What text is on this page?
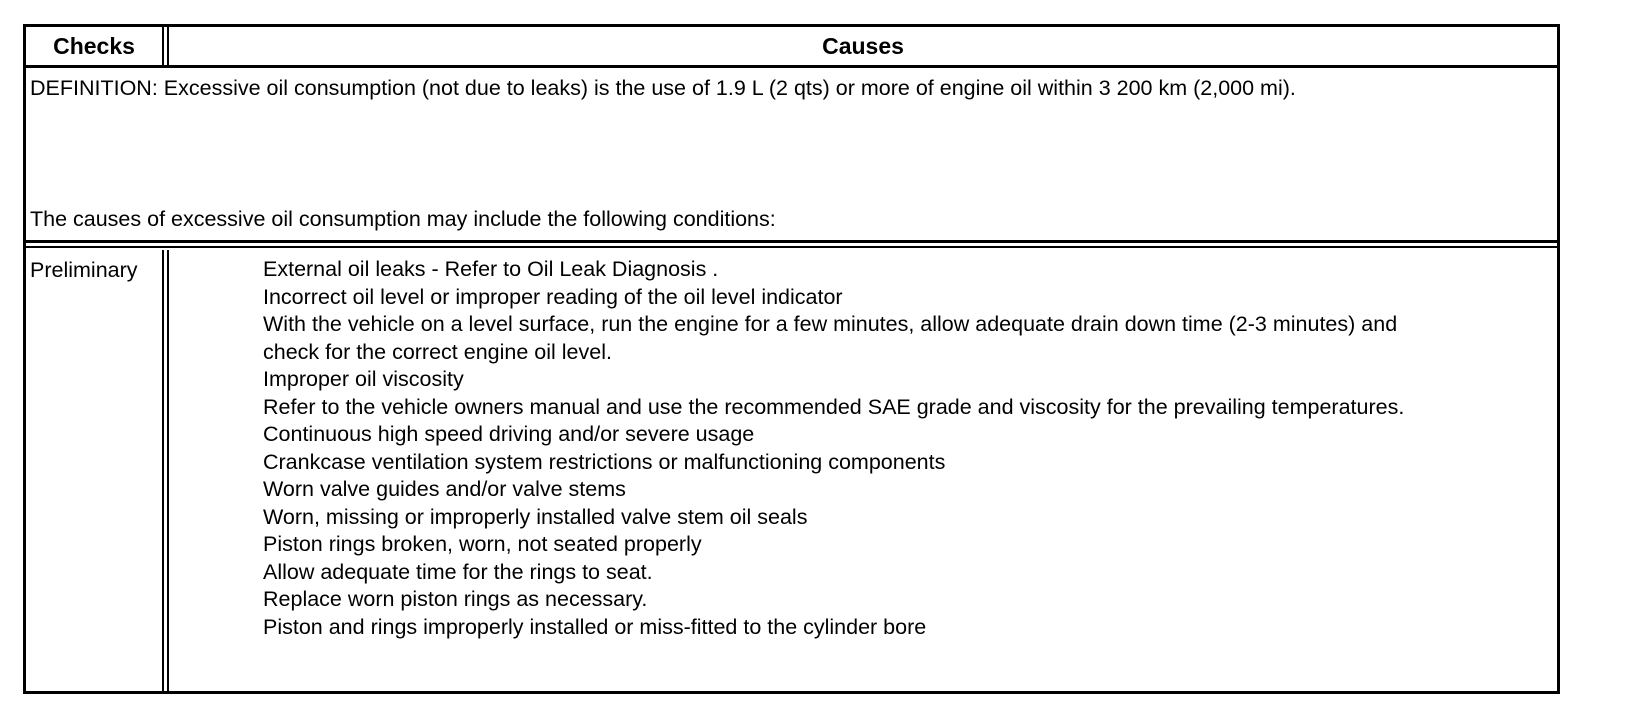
Checks	Causes
DEFINITION: Excessive oil consumption (not due to leaks) is the use of 1.9 L (2 qts) or more of engine oil within 3 200 km (2,000 mi).
The causes of excessive oil consumption may include the following conditions:
Preliminary	External oil leaks - Refer to Oil Leak Diagnosis .
Incorrect oil level or improper reading of the oil level indicator
With the vehicle on a level surface, run the engine for a few minutes, allow adequate drain down time (2-3 minutes) and check for the correct engine oil level.
Improper oil viscosity
Refer to the vehicle owners manual and use the recommended SAE grade and viscosity for the prevailing temperatures.
Continuous high speed driving and/or severe usage
Crankcase ventilation system restrictions or malfunctioning components
Worn valve guides and/or valve stems
Worn, missing or improperly installed valve stem oil seals
Piston rings broken, worn, not seated properly
Allow adequate time for the rings to seat.
Replace worn piston rings as necessary.
Piston and rings improperly installed or miss-fitted to the cylinder bore
